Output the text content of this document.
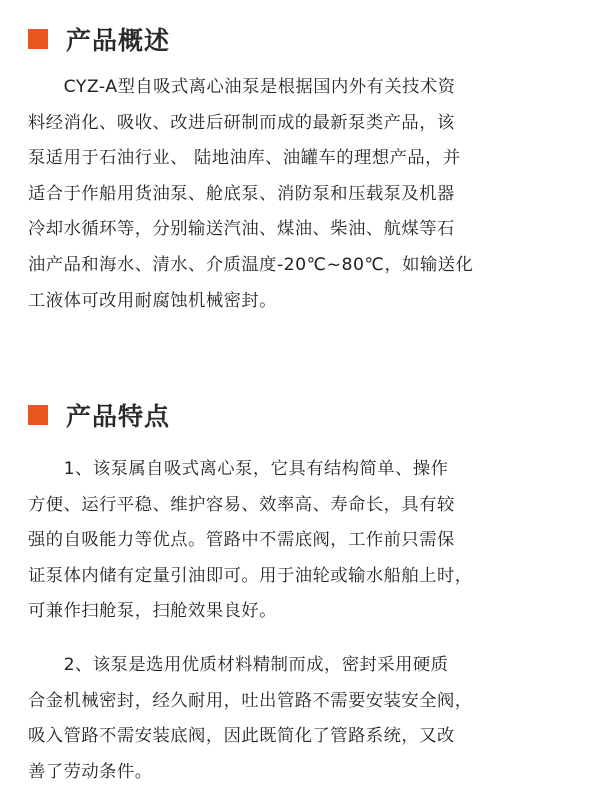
产品概述
　　CYZ-A型自吸式离心油泵是根据国内外有关技术资
料经消化、吸收、改进后研制而成的最新泵类产品，该
泵适用于石油行业、 陆地油库、油罐车的理想产品，并
适合于作船用货油泵、舱底泵、消防泵和压载泵及机器
冷却水循环等，分别输送汽油、煤油、柴油、航煤等石
油产品和海水、清水、介质温度-20℃~80℃，如输送化
工液体可改用耐腐蚀机械密封。
产品特点
　　1、该泵属自吸式离心泵，它具有结构简单、操作
方便、运行平稳、维护容易、效率高、寿命长，具有较
强的自吸能力等优点。管路中不需底阀，工作前只需保
证泵体内储有定量引油即可。用于油轮或输水船舶上时，
可兼作扫舱泵，扫舱效果良好。
　　2、该泵是选用优质材料精制而成，密封采用硬质
合金机械密封，经久耐用，吐出管路不需要安装安全阀，
吸入管路不需安装底阀，因此既简化了管路系统，又改
善了劳动条件。
